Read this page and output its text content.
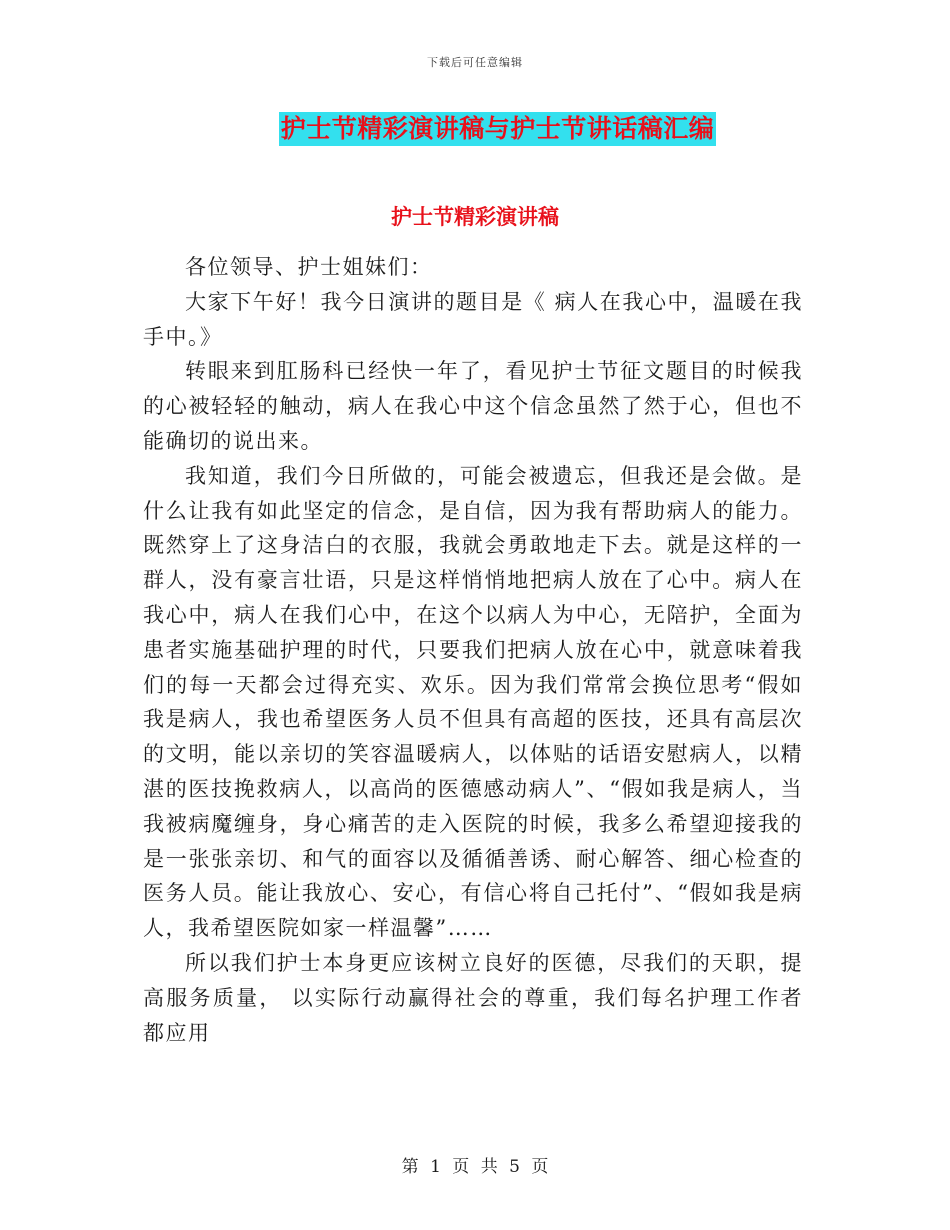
下载后可任意编辑
护士节精彩演讲稿与护士节讲话稿汇编
护士节精彩演讲稿

各位领导、护士姐妹们：

大家下午好！我今日演讲的题目是《 病人在我心中，温暖在我手中。》

转眼来到肛肠科已经快一年了，看见护士节征文题目的时候我的心被轻轻的触动，病人在我心中这个信念虽然了然于心，但也不能确切的说出来。

我知道，我们今日所做的，可能会被遗忘，但我还是会做。是什么让我有如此坚定的信念，是自信，因为我有帮助病人的能力。既然穿上了这身洁白的衣服，我就会勇敢地走下去。就是这样的一群人，没有豪言壮语，只是这样悄悄地把病人放在了心中。病人在我心中，病人在我们心中，在这个以病人为中心，无陪护，全面为患者实施基础护理的时代，只要我们把病人放在心中，就意味着我们的每一天都会过得充实、欢乐。因为我们常常会换位思考“假如我是病人，我也希望医务人员不但具有高超的医技，还具有高层次的文明，能以亲切的笑容温暖病人，以体贴的话语安慰病人，以精湛的医技挽救病人，以高尚的医德感动病人”、“假如我是病人，当我被病魔缠身，身心痛苦的走入医院的时候，我多么希望迎接我的是一张张亲切、和气的面容以及循循善诱、耐心解答、细心检查的医务人员。能让我放心、安心，有信心将自己托付”、“假如我是病人，我希望医院如家一样温馨”……

所以我们护士本身更应该树立良好的医德，尽我们的天职，提高服务质量， 以实际行动赢得社会的尊重，我们每名护理工作者都应用

第 1 页 共 5 页
